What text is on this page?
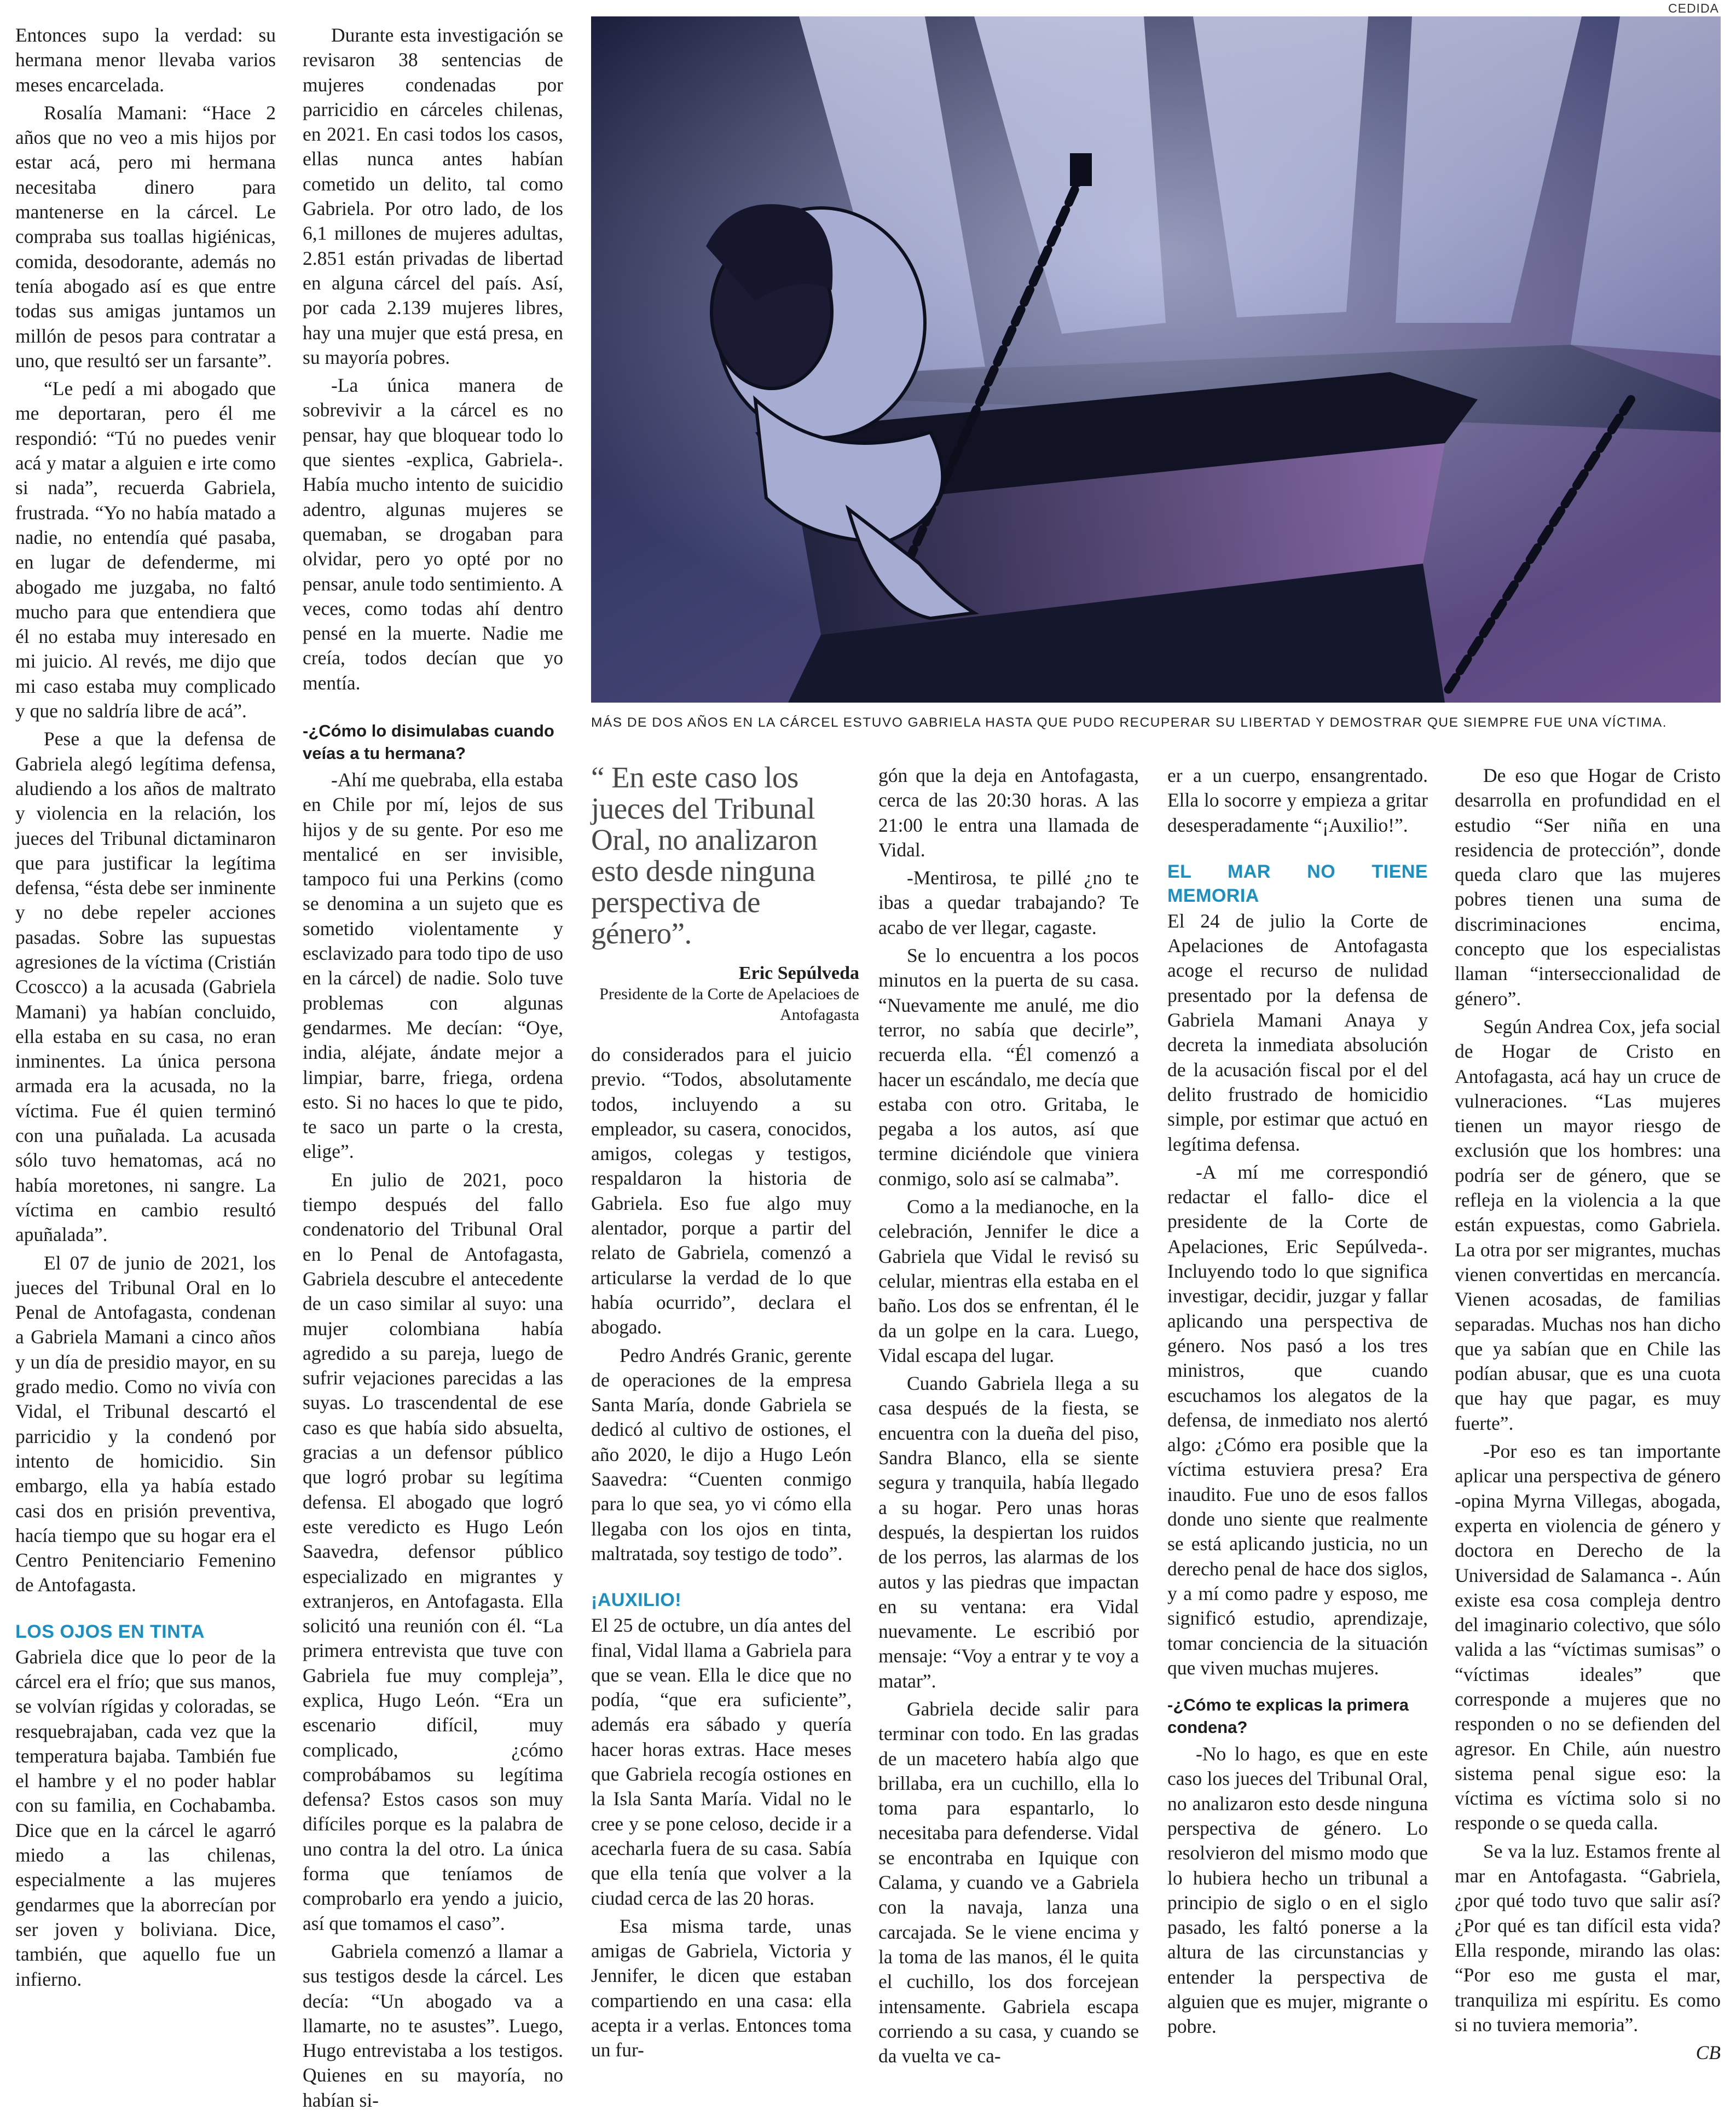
Entonces supo la verdad: su hermana menor llevaba varios meses encarcelada.

Rosalía Mamani: “Hace 2 años que no veo a mis hijos por estar acá, pero mi hermana necesitaba dinero para mantenerse en la cárcel. Le compraba sus toallas higiénicas, comida, desodorante, además no tenía abogado así es que entre todas sus amigas juntamos un millón de pesos para contratar a uno, que resultó ser un farsante”.

“Le pedí a mi abogado que me deportaran, pero él me respondió: “Tú no puedes venir acá y matar a alguien e irte como si nada”, recuerda Gabriela, frustrada. “Yo no había matado a nadie, no entendía qué pasaba, en lugar de defenderme, mi abogado me juzgaba, no faltó mucho para que entendiera que él no estaba muy interesado en mi juicio. Al revés, me dijo que mi caso estaba muy complicado y que no saldría libre de acá”.

Pese a que la defensa de Gabriela alegó legítima defensa, aludiendo a los años de maltrato y violencia en la relación, los jueces del Tribunal dictaminaron que para justificar la legítima defensa, “ésta debe ser inminente y no debe repeler acciones pasadas. Sobre las supuestas agresiones de la víctima (Cristián Ccoscco) a la acusada (Gabriela Mamani) ya habían concluido, ella estaba en su casa, no eran inminentes. La única persona armada era la acusada, no la víctima. Fue él quien terminó con una puñalada. La acusada sólo tuvo hematomas, acá no había moretones, ni sangre. La víctima en cambio resultó apuñalada”.

El 07 de junio de 2021, los jueces del Tribunal Oral en lo Penal de Antofagasta, condenan a Gabriela Mamani a cinco años y un día de presidio mayor, en su grado medio. Como no vivía con Vidal, el Tribunal descartó el parricidio y la condenó por intento de homicidio. Sin embargo, ella ya había estado casi dos en prisión preventiva, hacía tiempo que su hogar era el Centro Penitenciario Femenino de Antofagasta.

LOS OJOS EN TINTA

Gabriela dice que lo peor de la cárcel era el frío; que sus manos, se volvían rígidas y coloradas, se resquebrajaban, cada vez que la temperatura bajaba. También fue el hambre y el no poder hablar con su familia, en Cochabamba. Dice que en la cárcel le agarró miedo a las chilenas, especialmente a las mujeres gendarmes que la aborrecían por ser joven y boliviana. Dice, también, que aquello fue un infierno.

Durante esta investigación se revisaron 38 sentencias de mujeres condenadas por parricidio en cárceles chilenas, en 2021. En casi todos los casos, ellas nunca antes habían cometido un delito, tal como Gabriela. Por otro lado, de los 6,1 millones de mujeres adultas, 2.851 están privadas de libertad en alguna cárcel del país. Así, por cada 2.139 mujeres libres, hay una mujer que está presa, en su mayoría pobres.

-La única manera de sobrevivir a la cárcel es no pensar, hay que bloquear todo lo que sientes -explica, Gabriela-. Había mucho intento de suicidio adentro, algunas mujeres se quemaban, se drogaban para olvidar, pero yo opté por no pensar, anule todo sentimiento. A veces, como todas ahí dentro pensé en la muerte. Nadie me creía, todos decían que yo mentía.

-¿Cómo lo disimulabas cuando veías a tu hermana?

-Ahí me quebraba, ella estaba en Chile por mí, lejos de sus hijos y de su gente. Por eso me mentalicé en ser invisible, tampoco fui una Perkins (como se denomina a un sujeto que es sometido violentamente y esclavizado para todo tipo de uso en la cárcel) de nadie. Solo tuve problemas con algunas gendarmes. Me decían: “Oye, india, aléjate, ándate mejor a limpiar, barre, friega, ordena esto. Si no haces lo que te pido, te saco un parte o la cresta, elige”.

En julio de 2021, poco tiempo después del fallo condenatorio del Tribunal Oral en lo Penal de Antofagasta, Gabriela descubre el antecedente de un caso similar al suyo: una mujer colombiana había agredido a su pareja, luego de sufrir vejaciones parecidas a las suyas. Lo trascendental de ese caso es que había sido absuelta, gracias a un defensor público que logró probar su legítima defensa. El abogado que logró este veredicto es Hugo León Saavedra, defensor público especializado en migrantes y extranjeros, en Antofagasta. Ella solicitó una reunión con él. “La primera entrevista que tuve con Gabriela fue muy compleja”, explica, Hugo León. “Era un escenario difícil, muy complicado, ¿cómo comprobábamos su legítima defensa? Estos casos son muy difíciles porque es la palabra de uno contra la del otro. La única forma que teníamos de comprobarlo era yendo a juicio, así que tomamos el caso”.

Gabriela comenzó a llamar a sus testigos desde la cárcel. Les decía: “Un abogado va a llamarte, no te asustes”. Luego, Hugo entrevistaba a los testigos. Quienes en su mayoría, no habían si-

CEDIDA
MÁS DE DOS AÑOS EN LA CÁRCEL ESTUVO GABRIELA HASTA QUE PUDO RECUPERAR SU LIBERTAD Y DEMOSTRAR QUE SIEMPRE FUE UNA VÍCTIMA.
“ En este caso los jueces del Tribunal Oral, no analizaron esto desde ninguna perspectiva de género”.
Eric Sepúlveda
Presidente de la Corte de Apelacioes de Antofagasta

do considerados para el juicio previo. “Todos, absolutamente todos, incluyendo a su empleador, su casera, conocidos, amigos, colegas y testigos, respaldaron la historia de Gabriela. Eso fue algo muy alentador, porque a partir del relato de Gabriela, comenzó a articularse la verdad de lo que había ocurrido”, declara el abogado.

Pedro Andrés Granic, gerente de operaciones de la empresa Santa María, donde Gabriela se dedicó al cultivo de ostiones, el año 2020, le dijo a Hugo León Saavedra: “Cuenten conmigo para lo que sea, yo vi cómo ella llegaba con los ojos en tinta, maltratada, soy testigo de todo”.

¡AUXILIO!

El 25 de octubre, un día antes del final, Vidal llama a Gabriela para que se vean. Ella le dice que no podía, “que era suficiente”, además era sábado y quería hacer horas extras. Hace meses que Gabriela recogía ostiones en la Isla Santa María. Vidal no le cree y se pone celoso, decide ir a acecharla fuera de su casa. Sabía que ella tenía que volver a la ciudad cerca de las 20 horas.

Esa misma tarde, unas amigas de Gabriela, Victoria y Jennifer, le dicen que estaban compartiendo en una casa: ella acepta ir a verlas. Entonces toma un fur-

gón que la deja en Antofagasta, cerca de las 20:30 horas. A las 21:00 le entra una llamada de Vidal.

-Mentirosa, te pillé ¿no te ibas a quedar trabajando? Te acabo de ver llegar, cagaste.

Se lo encuentra a los pocos minutos en la puerta de su casa. “Nuevamente me anulé, me dio terror, no sabía que decirle”, recuerda ella. “Él comenzó a hacer un escándalo, me decía que estaba con otro. Gritaba, le pegaba a los autos, así que termine diciéndole que viniera conmigo, solo así se calmaba”.

Como a la medianoche, en la celebración, Jennifer le dice a Gabriela que Vidal le revisó su celular, mientras ella estaba en el baño. Los dos se enfrentan, él le da un golpe en la cara. Luego, Vidal escapa del lugar.

Cuando Gabriela llega a su casa después de la fiesta, se encuentra con la dueña del piso, Sandra Blanco, ella se siente segura y tranquila, había llegado a su hogar. Pero unas horas después, la despiertan los ruidos de los perros, las alarmas de los autos y las piedras que impactan en su ventana: era Vidal nuevamente. Le escribió por mensaje: “Voy a entrar y te voy a matar”.

Gabriela decide salir para terminar con todo. En las gradas de un macetero había algo que brillaba, era un cuchillo, ella lo toma para espantarlo, lo necesitaba para defenderse. Vidal se encontraba en Iquique con Calama, y cuando ve a Gabriela con la navaja, lanza una carcajada. Se le viene encima y la toma de las manos, él le quita el cuchillo, los dos forcejean intensamente. Gabriela escapa corriendo a su casa, y cuando se da vuelta ve ca-

er a un cuerpo, ensangrentado. Ella lo socorre y empieza a gritar desesperadamente “¡Auxilio!”.

EL MAR NO TIENE MEMORIA

El 24 de julio la Corte de Apelaciones de Antofagasta acoge el recurso de nulidad presentado por la defensa de Gabriela Mamani Anaya y decreta la inmediata absolución de la acusación fiscal por el del delito frustrado de homicidio simple, por estimar que actuó en legítima defensa.

-A mí me correspondió redactar el fallo- dice el presidente de la Corte de Apelaciones, Eric Sepúlveda-. Incluyendo todo lo que significa investigar, decidir, juzgar y fallar aplicando una perspectiva de género. Nos pasó a los tres ministros, que cuando escuchamos los alegatos de la defensa, de inmediato nos alertó algo: ¿Cómo era posible que la víctima estuviera presa? Era inaudito. Fue uno de esos fallos donde uno siente que realmente se está aplicando justicia, no un derecho penal de hace dos siglos, y a mí como padre y esposo, me significó estudio, aprendizaje, tomar conciencia de la situación que viven muchas mujeres.

-¿Cómo te explicas la primera condena?

-No lo hago, es que en este caso los jueces del Tribunal Oral, no analizaron esto desde ninguna perspectiva de género. Lo resolvieron del mismo modo que lo hubiera hecho un tribunal a principio de siglo o en el siglo pasado, les faltó ponerse a la altura de las circunstancias y entender la perspectiva de alguien que es mujer, migrante o pobre.

De eso que Hogar de Cristo desarrolla en profundidad en el estudio “Ser niña en una residencia de protección”, donde queda claro que las mujeres pobres tienen una suma de discriminaciones encima, concepto que los especialistas llaman “interseccionalidad de género”.

Según Andrea Cox, jefa social de Hogar de Cristo en Antofagasta, acá hay un cruce de vulneraciones. “Las mujeres tienen un mayor riesgo de exclusión que los hombres: una podría ser de género, que se refleja en la violencia a la que están expuestas, como Gabriela. La otra por ser migrantes, muchas vienen convertidas en mercancía. Vienen acosadas, de familias separadas. Muchas nos han dicho que ya sabían que en Chile las podían abusar, que es una cuota que hay que pagar, es muy fuerte”.

-Por eso es tan importante aplicar una perspectiva de género -opina Myrna Villegas, abogada, experta en violencia de género y doctora en Derecho de la Universidad de Salamanca -. Aún existe esa cosa compleja dentro del imaginario colectivo, que sólo valida a las “víctimas sumisas” o “víctimas ideales” que corresponde a mujeres que no responden o no se defienden del agresor. En Chile, aún nuestro sistema penal sigue eso: la víctima es víctima solo si no responde o se queda calla.

Se va la luz. Estamos frente al mar en Antofagasta. “Gabriela, ¿por qué todo tuvo que salir así? ¿Por qué es tan difícil esta vida? Ella responde, mirando las olas: “Por eso me gusta el mar, tranquiliza mi espíritu. Es como si no tuviera memoria”.

CB
